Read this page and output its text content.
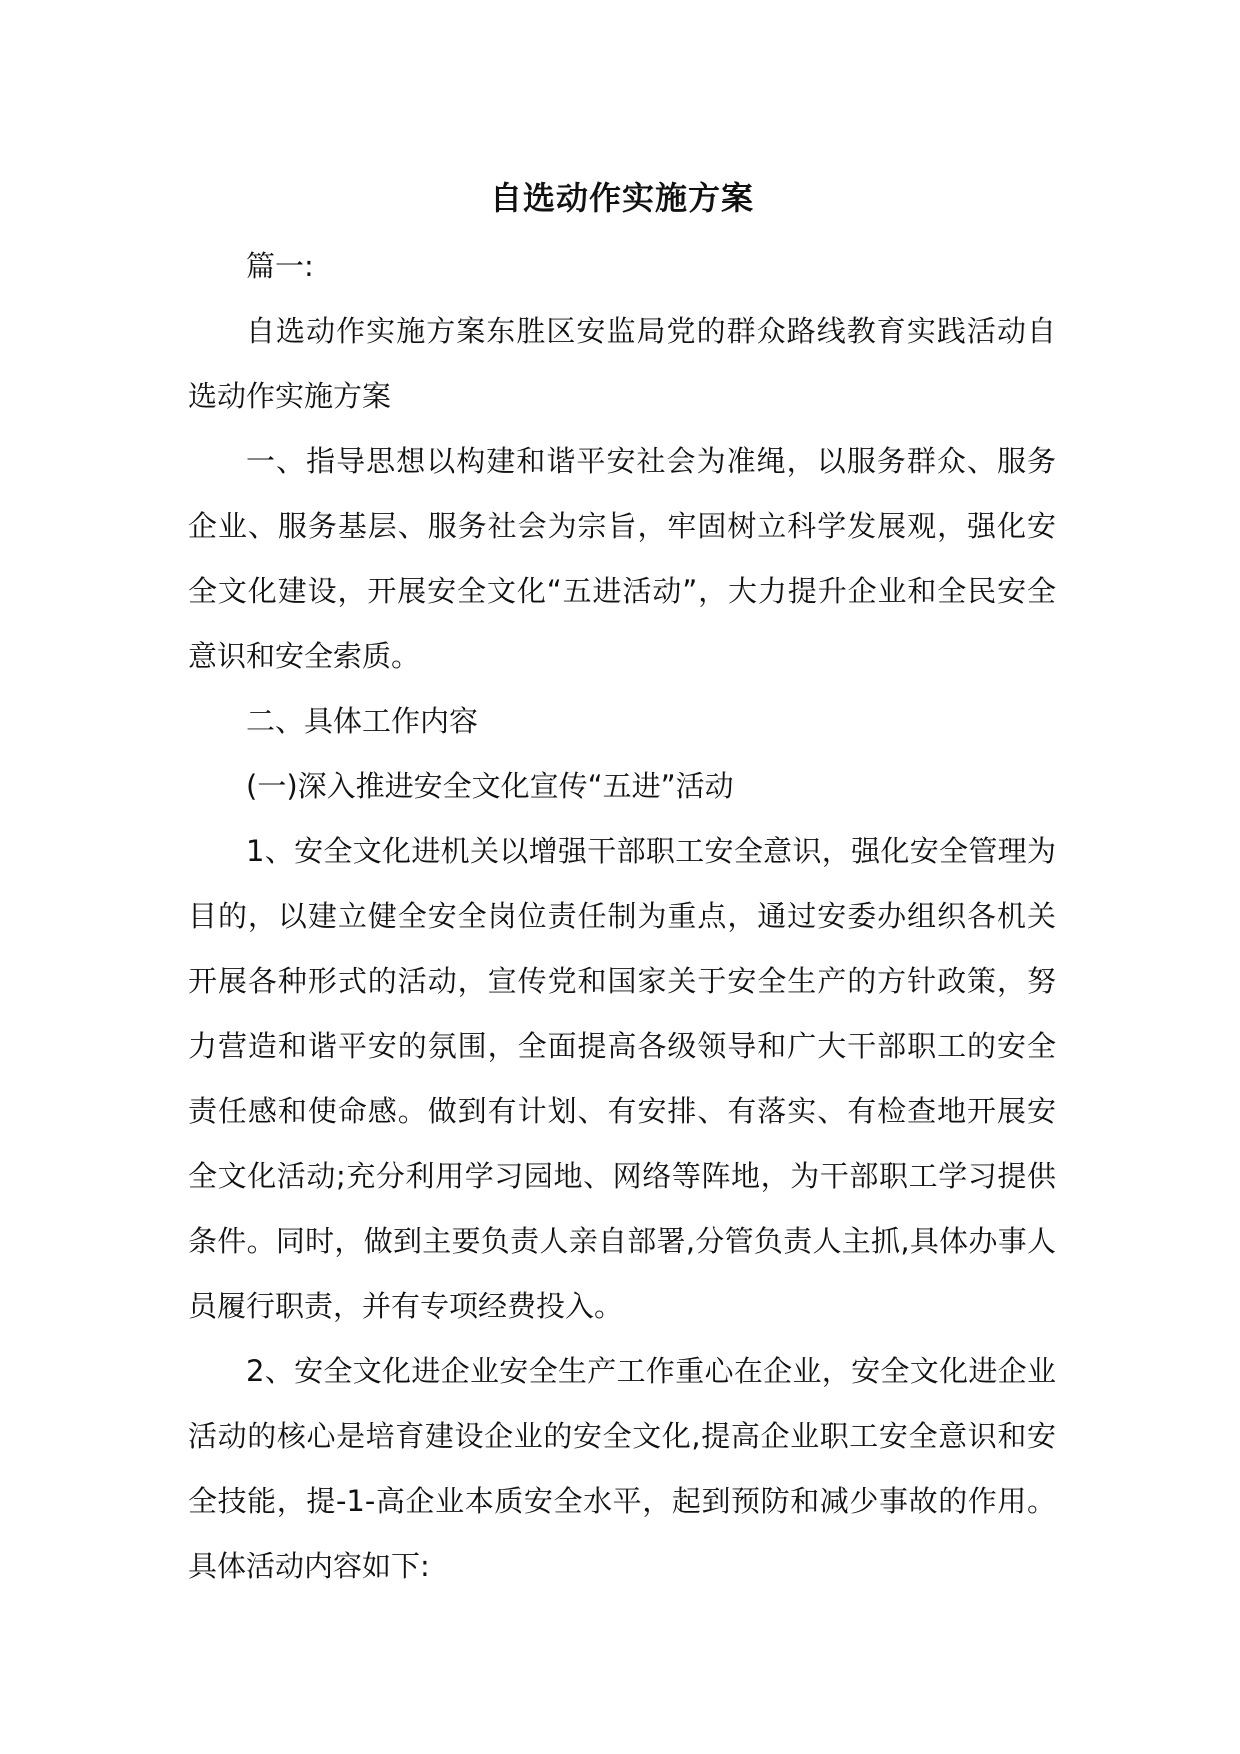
自选动作实施方案

篇一:

自选动作实施方案东胜区安监局党的群众路线教育实践活动自选动作实施方案

一、指导思想以构建和谐平安社会为准绳，以服务群众、服务企业、服务基层、服务社会为宗旨，牢固树立科学发展观，强化安全文化建设，开展安全文化“五进活动”，大力提升企业和全民安全意识和安全索质。

二、具体工作内容

(一)深入推进安全文化宣传“五进”活动

1、安全文化进机关以增强干部职工安全意识，强化安全管理为目的，以建立健全安全岗位责任制为重点，通过安委办组织各机关开展各种形式的活动，宣传党和国家关于安全生产的方针政策，努力营造和谐平安的氛围，全面提高各级领导和广大干部职工的安全责任感和使命感。做到有计划、有安排、有落实、有检查地开展安全文化活动;充分利用学习园地、网络等阵地，为干部职工学习提供条件。同时，做到主要负责人亲自部署,分管负责人主抓,具体办事人员履行职责，并有专项经费投入。

2、安全文化进企业安全生产工作重心在企业，安全文化进企业活动的核心是培育建设企业的安全文化,提高企业职工安全意识和安全技能，提-1-高企业本质安全水平，起到预防和减少事故的作用。具体活动内容如下:
